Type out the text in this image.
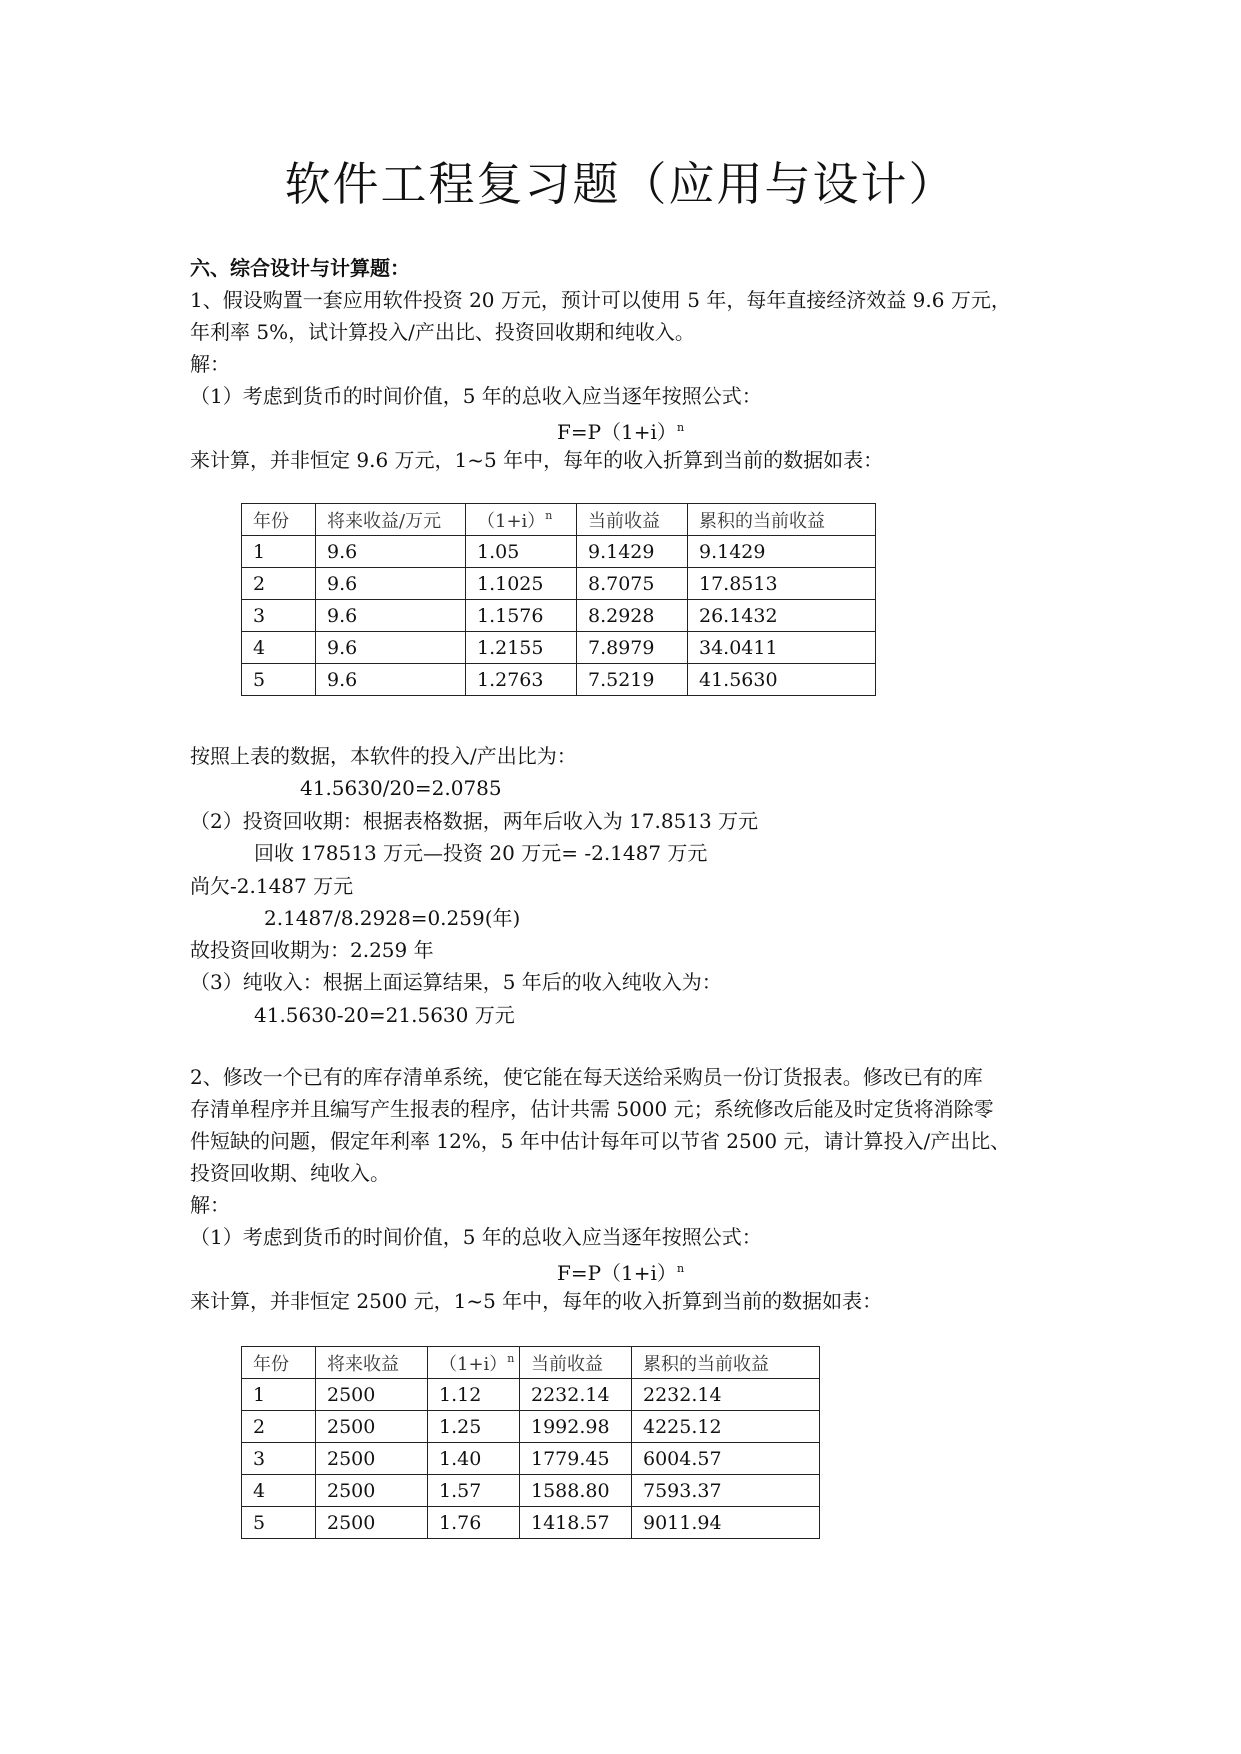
软件工程复习题（应用与设计）
六、综合设计与计算题：
1、假设购置一套应用软件投资 20 万元，预计可以使用 5 年，每年直接经济效益 9.6 万元，
年利率 5%，试计算投入/产出比、投资回收期和纯收入。
解：
（1）考虑到货币的时间价值，5 年的总收入应当逐年按照公式：
$F=P(1+i)^n$
来计算，并非恒定 9.6 万元，1~5 年中，每年的收入折算到当前的数据如表：
年份	将来收益/万元	$(1+i)^n$	当前收益	累积的当前收益
1	9.6	1.05	9.1429	9.1429
2	9.6	1.1025	8.7075	17.8513
3	9.6	1.1576	8.2928	26.1432
4	9.6	1.2155	7.8979	34.0411
5	9.6	1.2763	7.5219	41.5630
按照上表的数据，本软件的投入/产出比为：
41.5630/20=2.0785
（2）投资回收期：根据表格数据，两年后收入为 17.8513 万元
回收 178513 万元—投资 20 万元= -2.1487 万元
尚欠-2.1487 万元
2.1487/8.2928=0.259(年)
故投资回收期为：2.259 年
（3）纯收入：根据上面运算结果，5 年后的收入纯收入为：
41.5630-20=21.5630 万元
2、修改一个已有的库存清单系统，使它能在每天送给采购员一份订货报表。修改已有的库
存清单程序并且编写产生报表的程序，估计共需 5000 元；系统修改后能及时定货将消除零
件短缺的问题，假定年利率 12%，5 年中估计每年可以节省 2500 元，请计算投入/产出比、
投资回收期、纯收入。
解：
（1）考虑到货币的时间价值，5 年的总收入应当逐年按照公式：
$F=P(1+i)^n$
来计算，并非恒定 2500 元，1~5 年中，每年的收入折算到当前的数据如表：
年份	将来收益	$(1+i)^n$	当前收益	累积的当前收益
1	2500	1.12	2232.14	2232.14
2	2500	1.25	1992.98	4225.12
3	2500	1.40	1779.45	6004.57
4	2500	1.57	1588.80	7593.37
5	2500	1.76	1418.57	9011.94
